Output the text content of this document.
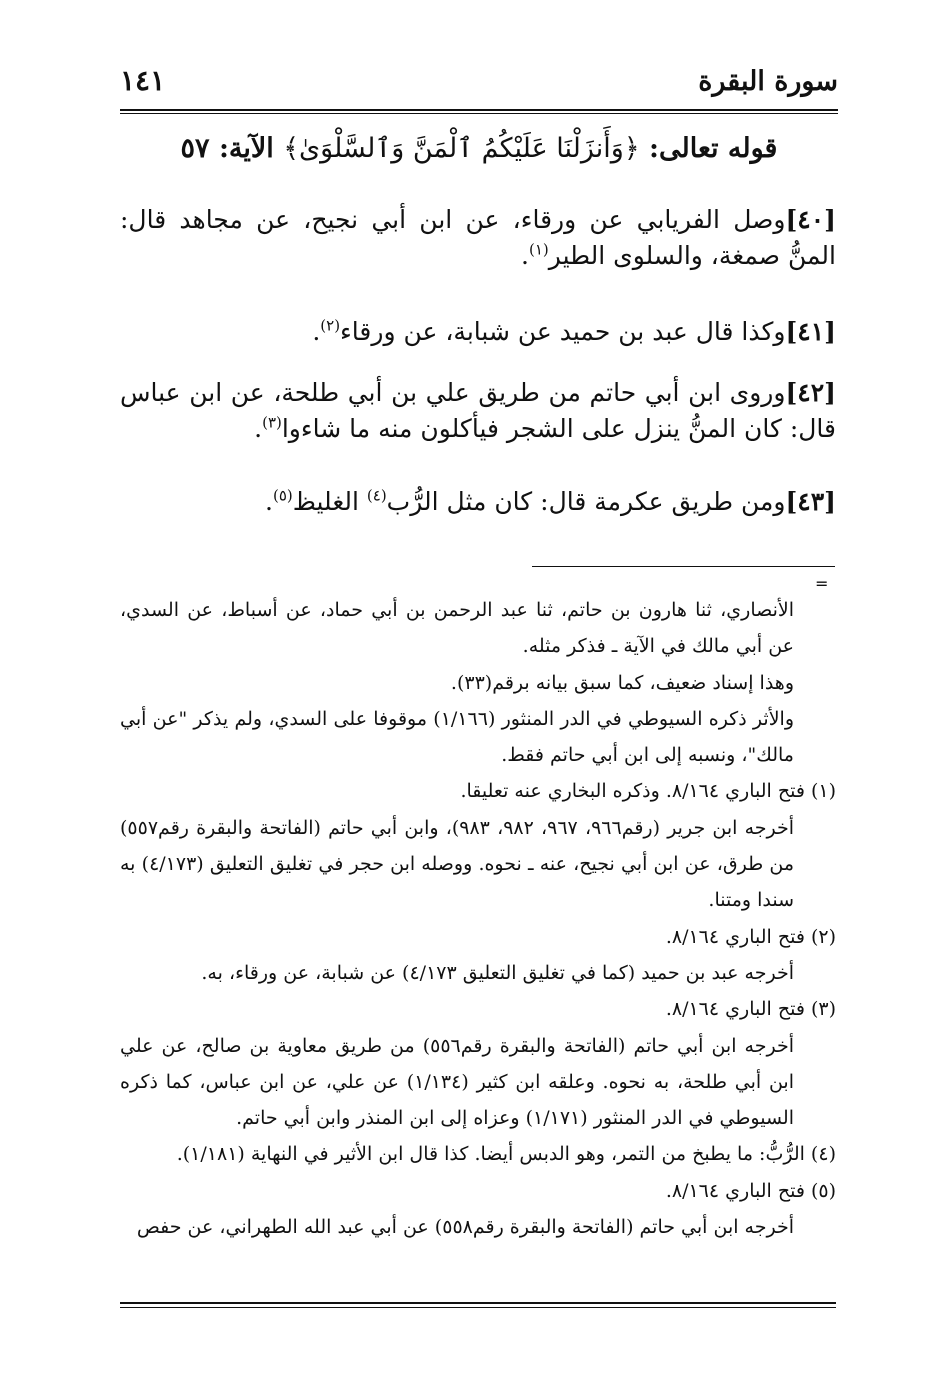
سورة البقرة
١٤١
قوله تعالى: ﴿وَأَنزَلْنَا عَلَيْكُمُ ٱلْمَنَّ وَٱلسَّلْوَىٰ﴾ الآية: ٥٧
[٤٠]وصل الفريابي عن ورقاء، عن ابن أبي نجيح، عن مجاهد قال: المنُّ صمغة، والسلوى الطير$^{(١)}$.
[٤١]وكذا قال عبد بن حميد عن شبابة، عن ورقاء$^{(٢)}$.
[٤٢]وروى ابن أبي حاتم من طريق علي بن أبي طلحة، عن ابن عباس قال: كان المنُّ ينزل على الشجر فيأكلون منه ما شاءوا$^{(٣)}$.
[٤٣]ومن طريق عكرمة قال: كان مثل الرُّب$^{(٤)}$ الغليظ$^{(٥)}$.
=
الأنصاري، ثنا هارون بن حاتم، ثنا عبد الرحمن بن أبي حماد، عن أسباط، عن السدي، عن أبي مالك في الآية ـ فذكر مثله.
وهذا إسناد ضعيف، كما سبق بيانه برقم(٣٣).
والأثر ذكره السيوطي في الدر المنثور (١/١٦٦) موقوفا على السدي، ولم يذكر "عن أبي مالك"، ونسبه إلى ابن أبي حاتم فقط.
(١) فتح الباري ٨/١٦٤. وذكره البخاري عنه تعليقا.
أخرجه ابن جرير (رقم٩٦٦، ٩٦٧، ٩٨٢، ٩٨٣)، وابن أبي حاتم (الفاتحة والبقرة رقم٥٥٧) من طرق، عن ابن أبي نجيح، عنه ـ نحوه. ووصله ابن حجر في تغليق التعليق (٤/١٧٣) به سندا ومتنا.
(٢) فتح الباري ٨/١٦٤.
أخرجه عبد بن حميد (كما في تغليق التعليق ٤/١٧٣) عن شبابة، عن ورقاء، به.
(٣) فتح الباري ٨/١٦٤.
أخرجه ابن أبي حاتم (الفاتحة والبقرة رقم٥٥٦) من طريق معاوية بن صالح، عن علي ابن أبي طلحة، به نحوه. وعلقه ابن كثير (١/١٣٤) عن علي، عن ابن عباس، كما ذكره السيوطي في الدر المنثور (١/١٧١) وعزاه إلى ابن المنذر وابن أبي حاتم.
(٤) الرُّبُّ: ما يطبخ من التمر، وهو الدبس أيضا. كذا قال ابن الأثير في النهاية (١/١٨١).
(٥) فتح الباري ٨/١٦٤.
أخرجه ابن أبي حاتم (الفاتحة والبقرة رقم٥٥٨) عن أبي عبد الله الطهراني، عن حفص
